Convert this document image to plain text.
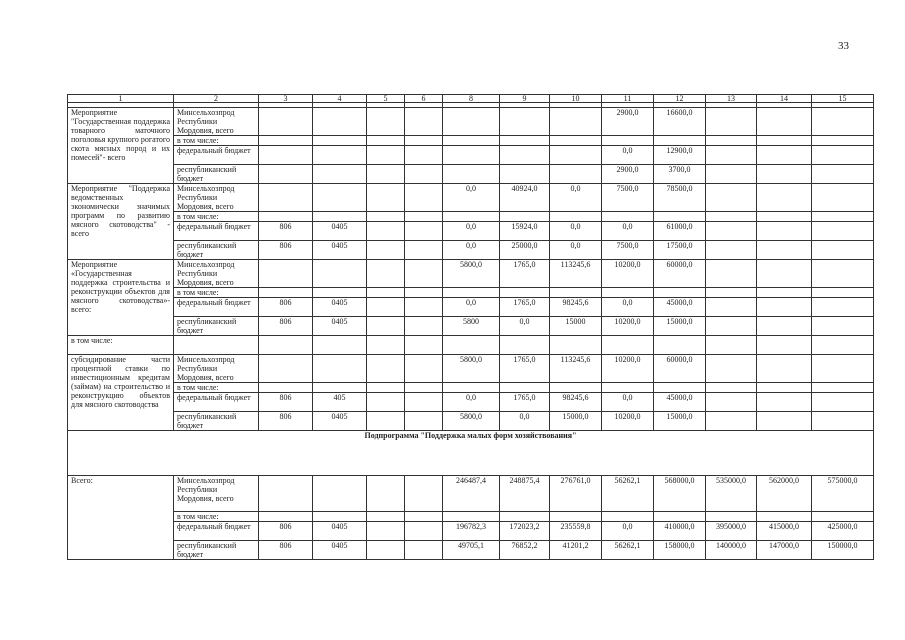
33
1	2	3	4	5	6	8	9	10	11	12	13	14	15

Мероприятие "Государственная поддержка товарного маточного поголовья крупного рогатого скота мясных пород и их помесей"- всего	Минсельхозпрод Республики Мордовия, всего								2900,0	16600,0			
	в том числе:												
	федеральный бюджет								0,0	12900,0			
	республиканский бюджет								2900,0	3700,0			
Мероприятие "Поддержка ведомственных экономически значимых программ по развитию мясного скотоводства" - всего	Минсельхозпрод Республики Мордовия, всего					0,0	40924,0	0,0	7500,0	78500,0			
	в том числе:												
	федеральный бюджет	806	0405			0,0	15924,0	0,0	0,0	61000,0			
	республиканский бюджет	806	0405			0,0	25000,0	0,0	7500,0	17500,0			
Мероприятие «Государственная поддержка строительства и реконструкции объектов для мясного скотоводства»- всего:	Минсельхозпрод Республики Мордовия, всего					5800,0	1765,0	113245,6	10200,0	60000,0			
	в том числе:												
	федеральный бюджет	806	0405			0,0	1765,0	98245,6	0,0	45000,0			
	республиканский бюджет	806	0405			5800	0,0	15000	10200,0	15000,0			
в том числе:													
субсидирование части процентной ставки по инвестиционным кредитам (займам) на строительство и реконструкцию объектов для мясного скотоводства	Минсельхозпрод Республики Мордовия, всего					5800,0	1765,0	113245,6	10200,0	60000,0			
	в том числе:												
	федеральный бюджет	806	405			0,0	1765,0	98245,6	0,0	45000,0			
	республиканский бюджет	806	0405			5800,0	0,0	15000,0	10200,0	15000,0			
Подпрограмма "Поддержка малых форм хозяйствования"													
Всего:	Минсельхозпрод Республики Мордовия, всего					246487,4	248875,4	276761,0	56262,1	568000,0	535000,0	562000,0	575000,0
	в том числе:												
	федеральный бюджет	806	0405			196782,3	172023,2	235559,8	0,0	410000,0	395000,0	415000,0	425000,0
	республиканский бюджет	806	0405			49705,1	76852,2	41201,2	56262,1	158000,0	140000,0	147000,0	150000,0
